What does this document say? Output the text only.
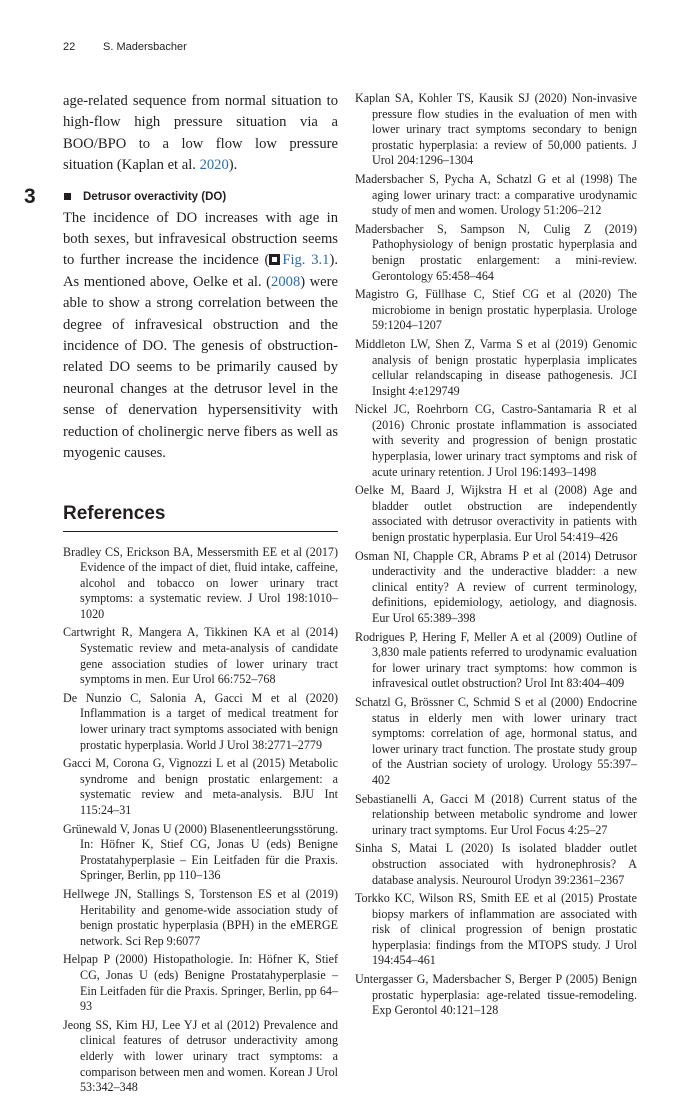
22	S. Madersbacher
3

age-related sequence from normal situation to high-flow high pressure situation via a BOO/BPO to a low flow low pressure situation (Kaplan et al. 2020).

Detrusor overactivity (DO)

The incidence of DO increases with age in both sexes, but infravesical obstruction seems to further increase the incidence ( Fig. 3.1). As mentioned above, Oelke et al. (2008) were able to show a strong correlation between the degree of infravesical obstruction and the incidence of DO. The genesis of obstruction-related DO seems to be primarily caused by neuronal changes at the detrusor level in the sense of denervation hypersensitivity with reduction of cholinergic nerve fibers as well as myogenic causes.

References
Bradley CS, Erickson BA, Messersmith EE et al (2017) Evidence of the impact of diet, fluid intake, caffeine, alcohol and tobacco on lower urinary tract symptoms: a systematic review. J Urol 198:1010–1020
Cartwright R, Mangera A, Tikkinen KA et al (2014) Systematic review and meta-analysis of candidate gene association studies of lower urinary tract symptoms in men. Eur Urol 66:752–768
De Nunzio C, Salonia A, Gacci M et al (2020) Inflammation is a target of medical treatment for lower urinary tract symptoms associated with benign prostatic hyperplasia. World J Urol 38:2771–2779
Gacci M, Corona G, Vignozzi L et al (2015) Metabolic syndrome and benign prostatic enlargement: a systematic review and meta-analysis. BJU Int 115:24–31
Grünewald V, Jonas U (2000) Blasenentleerungsstörung. In: Höfner K, Stief CG, Jonas U (eds) Benigne Prostatahyperplasie – Ein Leitfaden für die Praxis. Springer, Berlin, pp 110–136
Hellwege JN, Stallings S, Torstenson ES et al (2019) Heritability and genome-wide association study of benign prostatic hyperplasia (BPH) in the eMERGE network. Sci Rep 9:6077
Helpap P (2000) Histopathologie. In: Höfner K, Stief CG, Jonas U (eds) Benigne Prostatahyperplasie – Ein Leitfaden für die Praxis. Springer, Berlin, pp 64–93
Jeong SS, Kim HJ, Lee YJ et al (2012) Prevalence and clinical features of detrusor underactivity among elderly with lower urinary tract symptoms: a comparison between men and women. Korean J Urol 53:342–348
Kaplan SA, Kohler TS, Kausik SJ (2020) Non-invasive pressure flow studies in the evaluation of men with lower urinary tract symptoms secondary to benign prostatic hyperplasia: a review of 50,000 patients. J Urol 204:1296–1304
Madersbacher S, Pycha A, Schatzl G et al (1998) The aging lower urinary tract: a comparative urodynamic study of men and women. Urology 51:206–212
Madersbacher S, Sampson N, Culig Z (2019) Pathophysiology of benign prostatic hyperplasia and benign prostatic enlargement: a mini-review. Gerontology 65:458–464
Magistro G, Füllhase C, Stief CG et al (2020) The microbiome in benign prostatic hyperplasia. Urologe 59:1204–1207
Middleton LW, Shen Z, Varma S et al (2019) Genomic analysis of benign prostatic hyperplasia implicates cellular relandscaping in disease pathogenesis. JCI Insight 4:e129749
Nickel JC, Roehrborn CG, Castro-Santamaria R et al (2016) Chronic prostate inflammation is associated with severity and progression of benign prostatic hyperplasia, lower urinary tract symptoms and risk of acute urinary retention. J Urol 196:1493–1498
Oelke M, Baard J, Wijkstra H et al (2008) Age and bladder outlet obstruction are independently associated with detrusor overactivity in patients with benign prostatic hyperplasia. Eur Urol 54:419–426
Osman NI, Chapple CR, Abrams P et al (2014) Detrusor underactivity and the underactive bladder: a new clinical entity? A review of current terminology, definitions, epidemiology, aetiology, and diagnosis. Eur Urol 65:389–398
Rodrigues P, Hering F, Meller A et al (2009) Outline of 3,830 male patients referred to urodynamic evaluation for lower urinary tract symptoms: how common is infravesical outlet obstruction? Urol Int 83:404–409
Schatzl G, Brössner C, Schmid S et al (2000) Endocrine status in elderly men with lower urinary tract symptoms: correlation of age, hormonal status, and lower urinary tract function. The prostate study group of the Austrian society of urology. Urology 55:397–402
Sebastianelli A, Gacci M (2018) Current status of the relationship between metabolic syndrome and lower urinary tract symptoms. Eur Urol Focus 4:25–27
Sinha S, Matai L (2020) Is isolated bladder outlet obstruction associated with hydronephrosis? A database analysis. Neurourol Urodyn 39:2361–2367
Torkko KC, Wilson RS, Smith EE et al (2015) Prostate biopsy markers of inflammation are associated with risk of clinical progression of benign prostatic hyperplasia: findings from the MTOPS study. J Urol 194:454–461
Untergasser G, Madersbacher S, Berger P (2005) Benign prostatic hyperplasia: age-related tissue-remodeling. Exp Gerontol 40:121–128
